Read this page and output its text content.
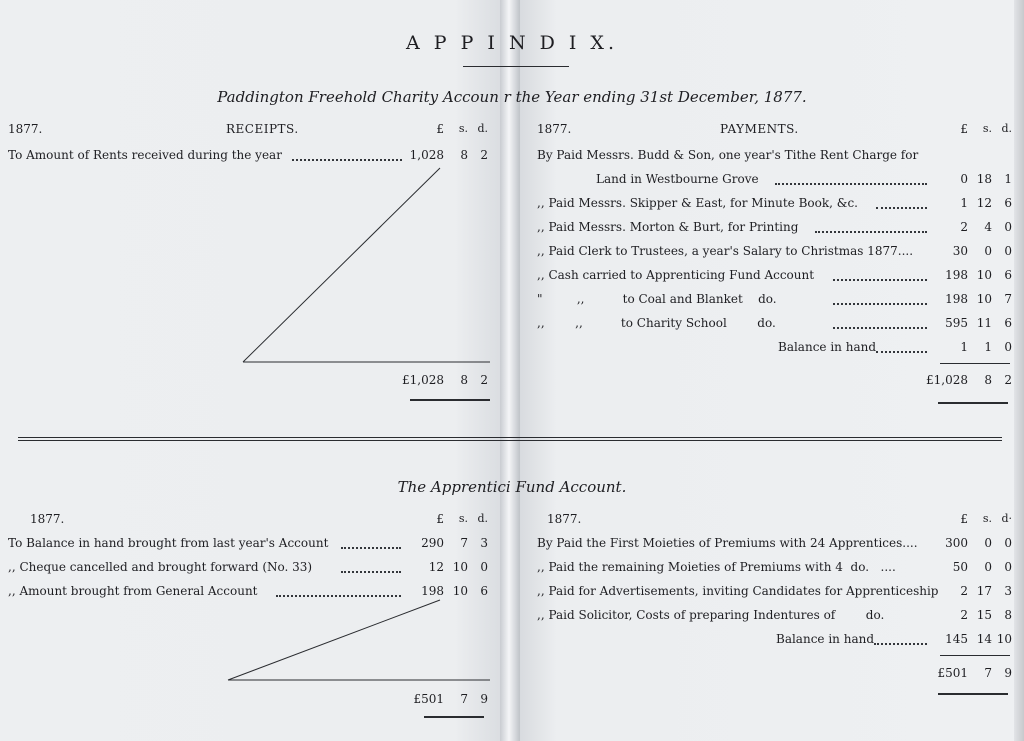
A P P I N D I X.
Paddington Freehold Charity Accoun r the Year ending 31st December, 1877.
1877.	RECEIPTS.	£	s. d.
To Amount of Rents received during the year	1,028	8	2
£1,028	8	2
1877.	PAYMENTS.	£	s. d.
By Paid Messrs. Budd & Son, one year's Tithe Rent Charge for
Land in Westbourne Grove	0 18	1
,, Paid Messrs. Skipper & East, for Minute Book, &c.	1 12	6
,, Paid Messrs. Morton & Burt, for Printing	2	4	0
,, Paid Clerk to Trustees, a year's Salary to Christmas 1877....	30	0	0
,, Cash carried to Apprenticing Fund Account	198 10	6
"         ,,          to Coal and Blanket    do.	198 10	7
,,        ,,          to Charity School        do.	595 11	6
Balance in hand	1	1	0
£1,028	8	2
The Apprentici Fund Account.
1877.	£	s. d.
To Balance in hand brought from last year's Account	290	7	3
,, Cheque cancelled and brought forward (No. 33)	12 10	0
,, Amount brought from General Account	198 10	6
£501	7	9
1877.	£	s. d·
By Paid the First Moieties of Premiums with 24 Apprentices....	300	0	0
,, Paid the remaining Moieties of Premiums with 4  do.   ....	50	0	0
,, Paid for Advertisements, inviting Candidates for Apprenticeship	2 17	3
,, Paid Solicitor, Costs of preparing Indentures of        do.	2 15	8
Balance in hand	145 14 10
£501	7	9
